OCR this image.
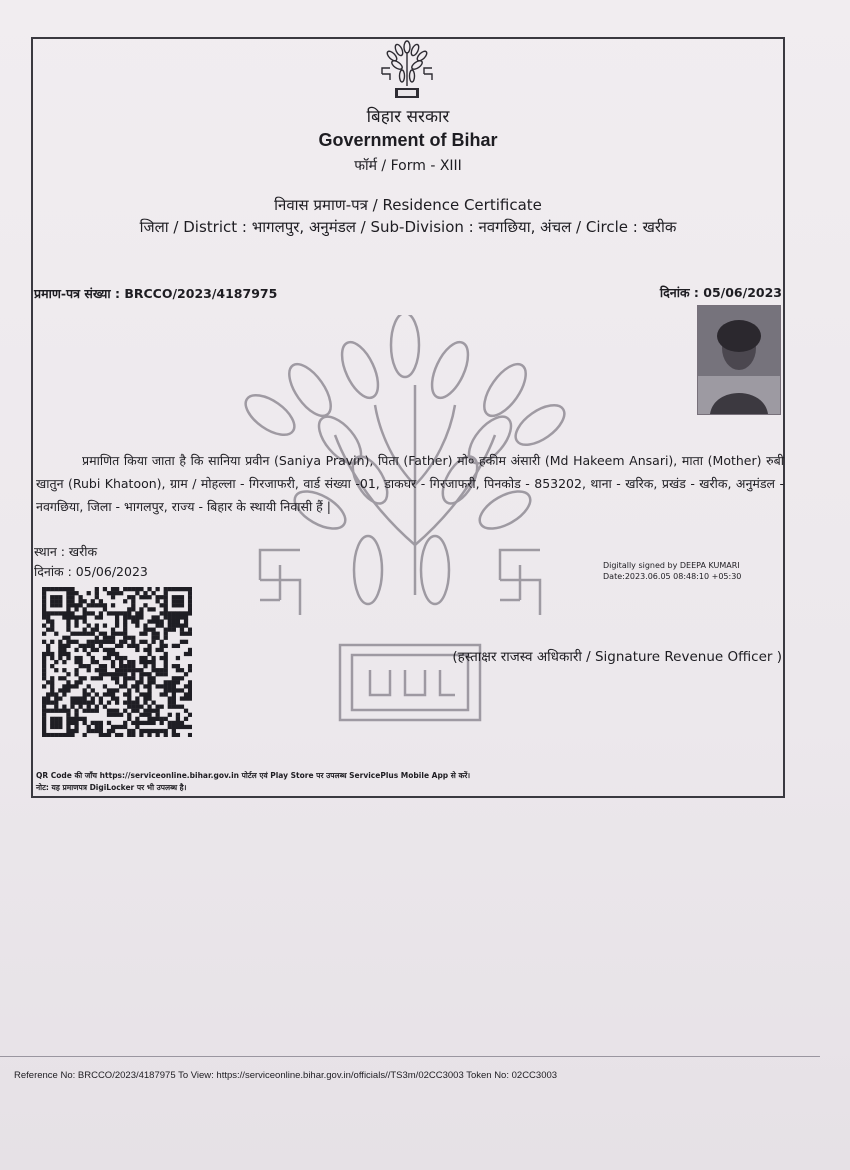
बिहार सरकार
Government of Bihar
फॉर्म / Form - XIII
निवास प्रमाण-पत्र / Residence Certificate
जिला / District : भागलपुर, अनुमंडल / Sub-Division : नवगछिया, अंचल / Circle : खरीक
प्रमाण-पत्र संख्या : BRCCO/2023/4187975	दिनांक : 05/06/2023
प्रमाणित किया जाता है कि सानिया प्रवीन (Saniya Pravin), पिता (Father) मो० हकीम अंसारी (Md Hakeem Ansari), माता (Mother) रुबी खातुन (Rubi Khatoon), ग्राम / मोहल्ला - गिरजाफरी, वार्ड संख्या -01, डाकघर - गिरजाफरी, पिनकोड - 853202, थाना - खरिक, प्रखंड - खरीक, अनुमंडल - नवगछिया, जिला - भागलपुर, राज्य - बिहार के स्थायी निवासी हैं |
स्थान : खरीक
दिनांक : 05/06/2023	Digitally signed by DEEPA KUMARI
Date:2023.06.05 08:48:10 +05:30
(हस्ताक्षर राजस्व अधिकारी / Signature Revenue Officer )
QR Code की जाँच https://serviceonline.bihar.gov.in पोर्टल एवं Play Store पर उपलब्ध ServicePlus Mobile App से करें।
नोट: यह प्रमाणपत्र DigiLocker पर भी उपलब्ध है।
Reference No: BRCCO/2023/4187975 To View: https://serviceonline.bihar.gov.in/officials//TS3m/02CC3003 Token No: 02CC3003
